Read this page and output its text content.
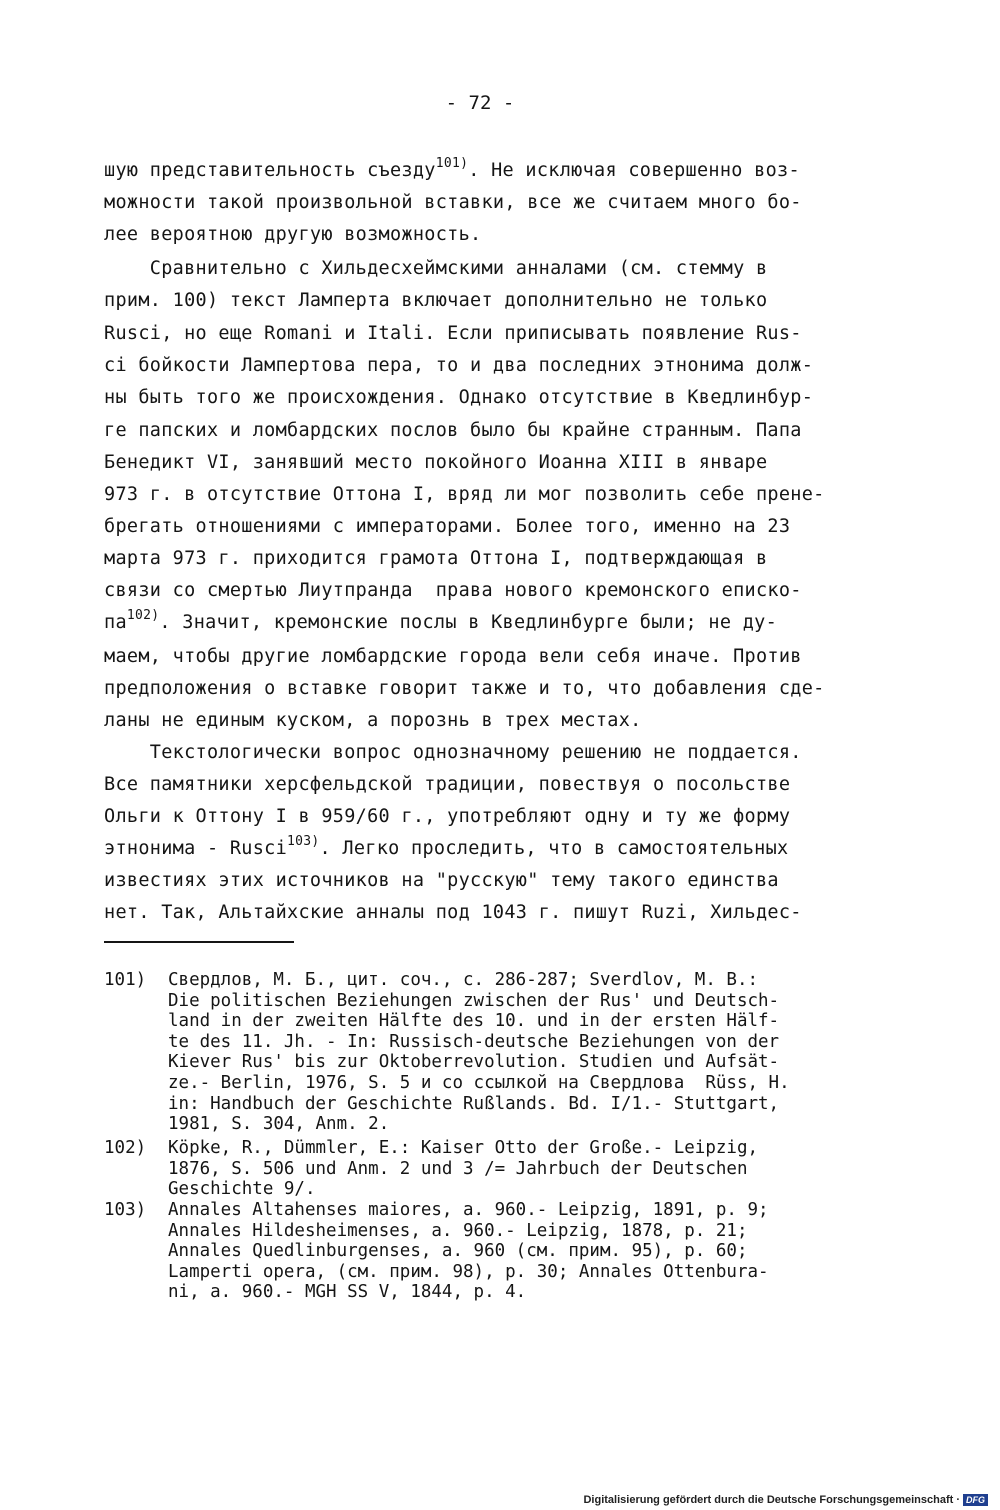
- 72 -
шую представительность съезду$^{101)}$. Не исключая совершенно воз-
можности такой произвольной вставки, все же считаем много бо-
лее вероятною другую возможность.
Сравнительно с Хильдесхеймскими анналами (см. стемму в
прим. 100) текст Ламперта включает дополнительно не только
Rusci, но еще Romani и Itali. Если приписывать появление Rus-
ci бойкости Лампертова пера, то и два последних этнонима долж-
ны быть того же происхождения. Однако отсутствие в Кведлинбур-
ге папских и ломбардских послов было бы крайне странным. Папа
Бенедикт VI, занявший место покойного Иоанна XIII в январе
973 г. в отсутствие Оттона I, вряд ли мог позволить себе прене-
брегать отношениями с императорами. Более того, именно на 23
марта 973 г. приходится грамота Оттона I, подтверждающая в
связи со смертью Лиутпранда  права нового кремонского еписко-
$па^{102)}$. Значит, кремонские послы в Кведлинбурге были; не ду-
маем, чтобы другие ломбардские города вели себя иначе. Против
предположения о вставке говорит также и то, что добавления сде-
ланы не единым куском, а порознь в трех местах.
Текстологически вопрос однозначному решению не поддается.
Все памятники херсфельдской традиции, повествуя о посольстве
Ольги к Оттону I в 959/60 г., употребляют одну и ту же форму
этнонима - Rusci$^{103)}$. Легко проследить, что в самостоятельных
известиях этих источников на "русскую" тему такого единства
нет. Так, Альтайхские анналы под 1043 г. пишут Ruzi, Хильдес-
101) Свердлов, М. Б., цит. соч., с. 286-287; Sverdlov, M. B.:
Die politischen Beziehungen zwischen der Rus' und Deutsch-
land in der zweiten Hälfte des 10. und in der ersten Hälf-
te des 11. Jh. - In: Russisch-deutsche Beziehungen von der
Kiever Rus' bis zur Oktoberrevolution. Studien und Aufsät-
ze.- Berlin, 1976, S. 5 и со ссылкой на Свердлова  Rüss, H.
in: Handbuch der Geschichte Rußlands. Bd. I/1.- Stuttgart,
1981, S. 304, Anm. 2.
102) Köpke, R., Dümmler, E.: Kaiser Otto der Große.- Leipzig,
1876, S. 506 und Anm. 2 und 3 /= Jahrbuch der Deutschen
Geschichte 9/.
103) Annales Altahenses maiores, a. 960.- Leipzig, 1891, p. 9;
Annales Hildesheimenses, a. 960.- Leipzig, 1878, p. 21;
Annales Quedlinburgenses, a. 960 (см. прим. 95), p. 60;
Lamperti opera, (см. прим. 98), p. 30; Annales Ottenburа-
ni, a. 960.- MGH SS V, 1844, p. 4.
Digitalisierung gefördert durch die Deutsche Forschungsgemeinschaft · DFG
